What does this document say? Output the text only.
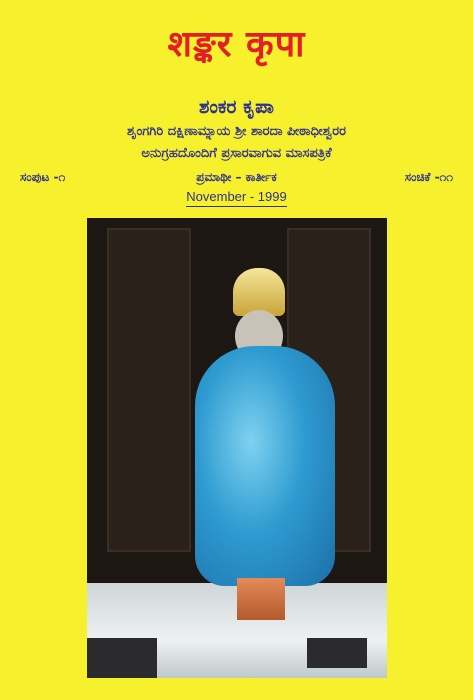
शङ्कर कृपा
ಶಂಕರ ಕೃಪಾ
ಶೃಂಗಗಿರಿ ದಕ್ಷಿಣಾಮ್ನಾಯ ಶ್ರೀ ಶಾರದಾ ಪೀಠಾಧೀಶ್ವರರ
ಅನುಗ್ರಹದೊಂದಿಗೆ ಪ್ರಸಾರವಾಗುವ ಮಾಸಪತ್ರಿಕೆ
ಸಂಪುಟ -೧	ಪ್ರಮಾಥೀ – ಕಾರ್ತೀಕ	ಸಂಚಿಕೆ -೧೧
November - 1999
